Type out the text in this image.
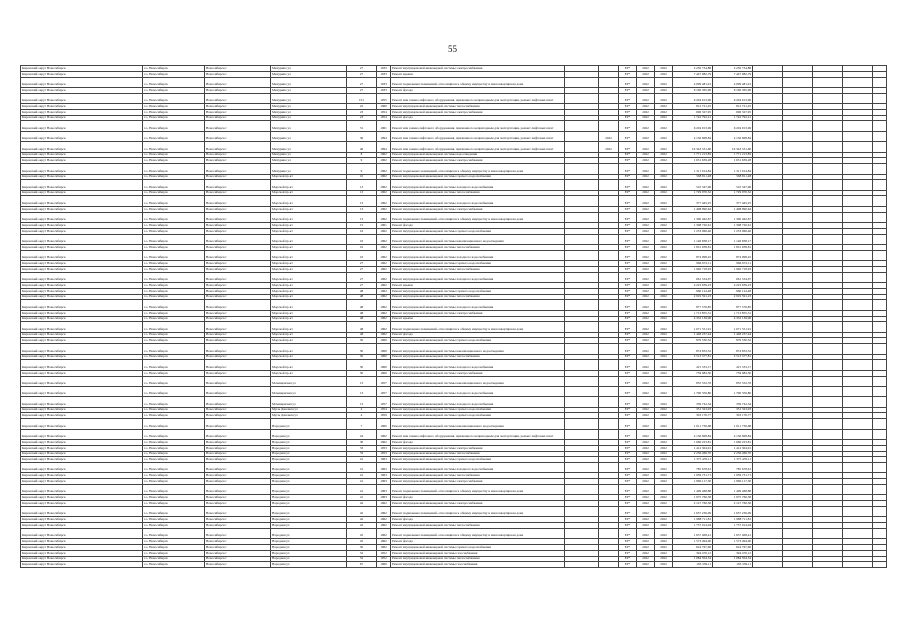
55
Кировский округ Новосибирск	г.о. Новосибирск	Новосибирск г	Мичурина ул	27	1933	Ремонт внутридомовой инженерной системы электроснабжения			ЕР*	2022	2022	2 250 734,88	2 250 734,88					
Кировский округ Новосибирск	г.о. Новосибирск	Новосибирск г	Мичурина ул	27	1933	Ремонт крыши			ЕР*	2022	2022	7 447 982,79	7 447 982,79					
Кировский округ Новосибирск	г.о. Новосибирск	Новосибирск г	Мичурина ул	27	1933	Ремонт подвальных помещений, относящихся к общему имуществу в многоквартирном доме			ЕР*	2022	2022	4 009 481,91	4 009 481,91					
Кировский округ Новосибирск	г.о. Новосибирск	Новосибирск г	Мичурина ул	27	1933	Ремонт фасада			ЕР*	2022	2022	6 196 365,00	6 196 365,00					
Кировский округ Новосибирск	г.о. Новосибирск	Новосибирск г	Мичурина ул	1б1	1955	Ремонт или замена лифтового оборудования, признанного непригодным для эксплуатации, ремонт лифтовых шахт			ЕР*	2022	2022	6 204 913,06	6 204 913,06					
Кировский округ Новосибирск	г.о. Новосибирск	Новосибирск г	Мичурина ул	22	1960	Ремонт внутридомовой инженерной системы теплоснабжения			ЕР*	2022	2022	812 721,45	812 721,45					
Кировский округ Новосибирск	г.о. Новосибирск	Новосибирск г	Мичурина ул	23	1954	Ремонт внутридомовой инженерной системы электроснабжения			ЕР*	2022	2022	696 327,95	696 327,95					
Кировский округ Новосибирск	г.о. Новосибирск	Новосибирск г	Мичурина ул	23	1954	Ремонт фасада			ЕР*	2022	2022	1 742 792,21	1 742 792,21					
Кировский округ Новосибирск	г.о. Новосибирск	Новосибирск г	Мичурина ул	31	1961	Ремонт или замена лифтового оборудования, признанного непригодным для эксплуатации, ремонт лифтовых шахт			ЕР*	2022	2022	6 204 913,06	6 204 913,06					
Кировский округ Новосибирск	г.о. Новосибирск	Новосибирск г	Мичурина ул	36	1994	Ремонт или замена лифтового оборудования, признанного непригодным для эксплуатации, ремонт лифтовых шахт		2022	ЕР*	2022	2022	4 136 608,84	4 136 608,84					
Кировский округ Новосибирск	г.о. Новосибирск	Новосибирск г	Мичурина ул	46	1994	Ремонт или замена лифтового оборудования, признанного непригодным для эксплуатации, ремонт лифтовых шахт		2022	ЕР*	2022	2022	16 343 531,60	16 343 531,60					
Кировский округ Новосибирск	г.о. Новосибирск	Новосибирск г	Мичурина ул	8	1962	Ремонт внутридомовой инженерной системы водоотведения			ЕР*	2022	2022	1 771 213,85	1 771 213,85					
Кировский округ Новосибирск	г.о. Новосибирск	Новосибирск г	Мичурина ул	9	1962	Ремонт внутридомовой инженерной системы электроснабжения			ЕР*	2022	2022	1 631 639,28	1 631 639,28					
Кировский округ Новосибирск	г.о. Новосибирск	Новосибирск г	Мичурина ул	9	1962	Ремонт подвальных помещений, относящихся к общему имуществу в многоквартирном доме			ЕР*	2022	2022	1 311 014,84	1 311 014,84					
Кировский округ Новосибирск	г.о. Новосибирск	Новосибирск г	Морской пр-кт	10	1962	Ремонт внутридомовой инженерной системы горячего водоснабжения			ЕР*	2022	2022	568 811,48	568 811,48					
Кировский округ Новосибирск	г.о. Новосибирск	Новосибирск г	Морской пр-кт	13	1962	Ремонт внутридомовой инженерной системы холодного водоснабжения			ЕР*	2022	2022	510 347,96	510 347,96					
Кировский округ Новосибирск	г.о. Новосибирск	Новосибирск г	Морской пр-кт	13	1962	Ремонт внутридомовой инженерной системы теплоснабжения			ЕР*	2022	2022	1 729 970,32	1 729 970,32					
Кировский округ Новосибирск	г.о. Новосибирск	Новосибирск г	Морской пр-кт	13	1962	Ремонт внутридомовой инженерной системы холодного водоснабжения			ЕР*	2022	2022	377 465,25	377 465,25					
Кировский округ Новосибирск	г.о. Новосибирск	Новосибирск г	Морской пр-кт	13	1962	Ремонт внутридомовой инженерной системы электроснабжения			ЕР*	2022	2022	1 408 990,64	1 408 990,64					
Кировский округ Новосибирск	г.о. Новосибирск	Новосибирск г	Морской пр-кт	13	1962	Ремонт подвальных помещений, относящихся к общему имуществу в многоквартирном доме			ЕР*	2022	2022	1 300 462,67	1 300 462,67					
Кировский округ Новосибирск	г.о. Новосибирск	Новосибирск г	Морской пр-кт	15	1961	Ремонт фасада			ЕР*	2022	2022	1 308 720,61	1 308 720,61					
Кировский округ Новосибирск	г.о. Новосибирск	Новосибирск г	Морской пр-кт	16	1962	Ремонт внутридомовой инженерной системы горячего водоснабжения			ЕР*	2022	2022	1 253 966,46	1 253 966,46					
Кировский округ Новосибирск	г.о. Новосибирск	Новосибирск г	Морской пр-кт	16	1962	Ремонт внутридомовой инженерной системы канализационного водоотведения			ЕР*	2022	2022	1 146 838,17	1 146 838,17					
Кировский округ Новосибирск	г.о. Новосибирск	Новосибирск г	Морской пр-кт	16	1962	Ремонт внутридомовой инженерной системы теплоснабжения			ЕР*	2022	2022	1 812 938,81	1 812 938,81					
Кировский округ Новосибирск	г.о. Новосибирск	Новосибирск г	Морской пр-кт	16	1962	Ремонт внутридомовой инженерной системы холодного водоснабжения			ЕР*	2022	2022	874 998,45	874 998,45					
Кировский округ Новосибирск	г.о. Новосибирск	Новосибирск г	Морской пр-кт	27	1962	Ремонт внутридомовой инженерной системы горячего водоснабжения			ЕР*	2022	2022	966 972,11	966 972,11					
Кировский округ Новосибирск	г.о. Новосибирск	Новосибирск г	Морской пр-кт	27	1962	Ремонт внутридомовой инженерной системы теплоснабжения			ЕР*	2022	2022	1 940 718,93	1 940 718,93					
Кировский округ Новосибирск	г.о. Новосибирск	Новосибирск г	Морской пр-кт	27	1962	Ремонт внутридомовой инженерной системы холодного водоснабжения			ЕР*	2022	2022	661 534,07	661 534,07					
Кировский округ Новосибирск	г.о. Новосибирск	Новосибирск г	Морской пр-кт	27	1962	Ремонт крыши			ЕР*	2022	2022	4 223 639,23	4 223 639,23					
Кировский округ Новосибирск	г.о. Новосибирск	Новосибирск г	Морской пр-кт	48	1962	Ремонт внутридомовой инженерной системы горячего водоснабжения			ЕР*	2022	2022	960 124,48	960 124,48					
Кировский округ Новосибирск	г.о. Новосибирск	Новосибирск г	Морской пр-кт	48	1962	Ремонт внутридомовой инженерной системы теплоснабжения			ЕР*	2022	2022	2 919 591,23	2 919 591,23					
Кировский округ Новосибирск	г.о. Новосибирск	Новосибирск г	Морской пр-кт	48	1962	Ремонт внутридомовой инженерной системы холодного водоснабжения			ЕР*	2022	2022	877 576,85	877 576,85					
Кировский округ Новосибирск	г.о. Новосибирск	Новосибирск г	Морской пр-кт	48	1962	Ремонт внутридомовой инженерной системы электроснабжения			ЕР*	2022	2022	1 713 855,31	1 713 855,31					
Кировский округ Новосибирск	г.о. Новосибирск	Новосибирск г	Морской пр-кт	48	1962	Ремонт крыши			ЕР*	2022	2022	4 332 139,06	4 332 139,06					
Кировский округ Новосибирск	г.о. Новосибирск	Новосибирск г	Морской пр-кт	48	1962	Ремонт подвальных помещений, относящихся к общему имуществу в многоквартирном доме			ЕР*	2022	2022	1 071 551,91	1 071 551,91					
Кировский округ Новосибирск	г.о. Новосибирск	Новосибирск г	Морской пр-кт	48	1962	Ремонт фасада			ЕР*	2022	2022	1 448 237,44	1 448 237,44					
Кировский округ Новосибирск	г.о. Новосибирск	Новосибирск г	Морской пр-кт	50	1960	Ремонт внутридомовой инженерной системы горячего водоснабжения			ЕР*	2022	2022	879 530,32	879 530,32					
Кировский округ Новосибирск	г.о. Новосибирск	Новосибирск г	Морской пр-кт	50	1960	Ремонт внутридомовой инженерной системы канализационного водоотведения			ЕР*	2022	2022	874 833,52	874 833,52					
Кировский округ Новосибирск	г.о. Новосибирск	Новосибирск г	Морской пр-кт	50	1960	Ремонт внутридомовой инженерной системы теплоснабжения			ЕР*	2022	2022	2 513 377,81	2 513 377,81					
Кировский округ Новосибирск	г.о. Новосибирск	Новосибирск г	Морской пр-кт	50	1960	Ремонт внутридомовой инженерной системы холодного водоснабжения			ЕР*	2022	2022	415 533,17	415 533,17					
Кировский округ Новосибирск	г.о. Новосибирск	Новосибирск г	Морской пр-кт	50	1960	Ремонт внутридомовой инженерной системы электроснабжения			ЕР*	2022	2022	759 983,30	759 983,30					
Кировский округ Новосибирск	г.о. Новосибирск	Новосибирск г	Мочищенская ул	13	1957	Ремонт внутридомовой инженерной системы канализационного водоотведения			ЕР*	2022	2022	855 552,76	855 552,76					
Кировский округ Новосибирск	г.о. Новосибирск	Новосибирск г	Мочищенская ул	13	1957	Ремонт внутридомовой инженерной системы холодного водоснабжения			ЕР*	2022	2022	1 790 359,80	1 790 359,80					
Кировский округ Новосибирск	г.о. Новосибирск	Новосибирск г	Мочищенская ул	13	1957	Ремонт внутридомовой инженерной системы холодного водоснабжения			ЕР*	2022	2022	359 742,34	359 742,34					
Кировский округ Новосибирск	г.о. Новосибирск	Новосибирск г	Мусы Джалиля ул	4	1954	Ремонт внутридомовой инженерной системы горячего водоснабжения			ЕР*	2022	2022	351 323,93	351 323,93					
Кировский округ Новосибирск	г.о. Новосибирск	Новосибирск г	Мусы Джалиля ул	4	1959	Ремонт внутридомовой инженерной системы горячего водоснабжения			ЕР*	2022	2022	303 176,77	303 176,77					
Кировский округ Новосибирск	г.о. Новосибирск	Новосибирск г	Народная ул	7	1960	Ремонт внутридомовой инженерной системы канализационного водоотведения			ЕР*	2022	2022	1 011 736,68	1 011 736,68					
Кировский округ Новосибирск	г.о. Новосибирск	Новосибирск г	Народная ул	24	1962	Ремонт или замена лифтового оборудования, признанного непригодным для эксплуатации, ремонт лифтовых шахт			ЕР*	2022	2022	4 136 608,84	4 136 608,84					
Кировский округ Новосибирск	г.о. Новосибирск	Новосибирск г	Народная ул	30	1962	Ремонт фасада			ЕР*	2022	2022	1 066 223,81	1 066 223,81					
Кировский округ Новосибирск	г.о. Новосибирск	Новосибирск г	Народная ул	33	1953	Ремонт внутридомовой инженерной системы электроснабжения			ЕР*	2022	2022	1 412 304,91	1 412 304,91					
Кировский округ Новосибирск	г.о. Новосибирск	Новосибирск г	Народная ул	33	1953	Ремонт внутридомовой инженерной системы теплоснабжения			ЕР*	2022	2022	2 236 466,70	2 236 466,70					
Кировский округ Новосибирск	г.о. Новосибирск	Новосибирск г	Народная ул	41	1963	Ремонт внутридомовой инженерной системы горячего водоснабжения			ЕР*	2022	2022	1 375 476,11	1 375 476,11					
Кировский округ Новосибирск	г.о. Новосибирск	Новосибирск г	Народная ул	41	1963	Ремонт внутридомовой инженерной системы холодного водоснабжения			ЕР*	2022	2022	785 678,61	785 678,61					
Кировский округ Новосибирск	г.о. Новосибирск	Новосибирск г	Народная ул	41	1963	Ремонт внутридомовой инженерной системы теплоснабжения			ЕР*	2022	2022	1 959 731,71	1 959 731,71					
Кировский округ Новосибирск	г.о. Новосибирск	Новосибирск г	Народная ул	41	1963	Ремонт внутридомовой инженерной системы электроснабжения			ЕР*	2022	2022	1 860 117,30	1 860 117,30					
Кировский округ Новосибирск	г.о. Новосибирск	Новосибирск г	Народная ул	41	1963	Ремонт подвальных помещений, относящихся к общему имуществу в многоквартирном доме			ЕР*	2022	2022	1 409 468,88	1 409 468,88					
Кировский округ Новосибирск	г.о. Новосибирск	Новосибирск г	Народная ул	41	1963	Ремонт фасада			ЕР*	2022	2022	1 975 766,38	1 975 766,38					
Кировский округ Новосибирск	г.о. Новосибирск	Новосибирск г	Народная ул	42	1962	Ремонт внутридомовой инженерной системы электроснабжения			ЕР*	2022	2022	2 127 760,36	2 127 760,36					
Кировский округ Новосибирск	г.о. Новосибирск	Новосибирск г	Народная ул	42	1962	Ремонт подвальных помещений, относящихся к общему имуществу в многоквартирном доме			ЕР*	2022	2022	1 657 236,09	1 657 236,09					
Кировский округ Новосибирск	г.о. Новосибирск	Новосибирск г	Народная ул	42	1962	Ремонт фасада			ЕР*	2022	2022	1 988 711,81	1 988 711,81					
Кировский округ Новосибирск	г.о. Новосибирск	Новосибирск г	Народная ул	42	1962	Ремонт внутридомовой инженерной системы теплоснабжения			ЕР*	2022	2022	1 757 014,04	1 757 014,04					
Кировский округ Новосибирск	г.о. Новосибирск	Новосибирск г	Народная ул	45	1962	Ремонт подвальных помещений, относящихся к общему имуществу в многоквартирном доме			ЕР*	2022	2022	1 657 408,41	1 657 408,41					
Кировский округ Новосибирск	г.о. Новосибирск	Новосибирск г	Народная ул	45	1962	Ремонт фасада			ЕР*	2022	2022	1 573 494,00	1 573 494,00					
Кировский округ Новосибирск	г.о. Новосибирск	Новосибирск г	Народная ул	50	1962	Ремонт внутридомовой инженерной системы горячего водоснабжения			ЕР*	2022	2022	624 767,96	624 767,96					
Кировский округ Новосибирск	г.о. Новосибирск	Новосибирск г	Народная ул	52	1952	Ремонт внутридомовой инженерной системы газоснабжения			ЕР*	2022	2022	304 470,12	304 470,12					
Кировский округ Новосибирск	г.о. Новосибирск	Новосибирск г	Народная ул	52	1952	Ремонт внутридомовой инженерной системы теплоснабжения			ЕР*	2022	2022	1 084 504,54	1 084 504,54					
Кировский округ Новосибирск	г.о. Новосибирск	Новосибирск г	Народная ул	67	1960	Ремонт внутридомовой инженерной системы газоснабжения			ЕР*	2022	2022	103 339,11	103 339,11					
